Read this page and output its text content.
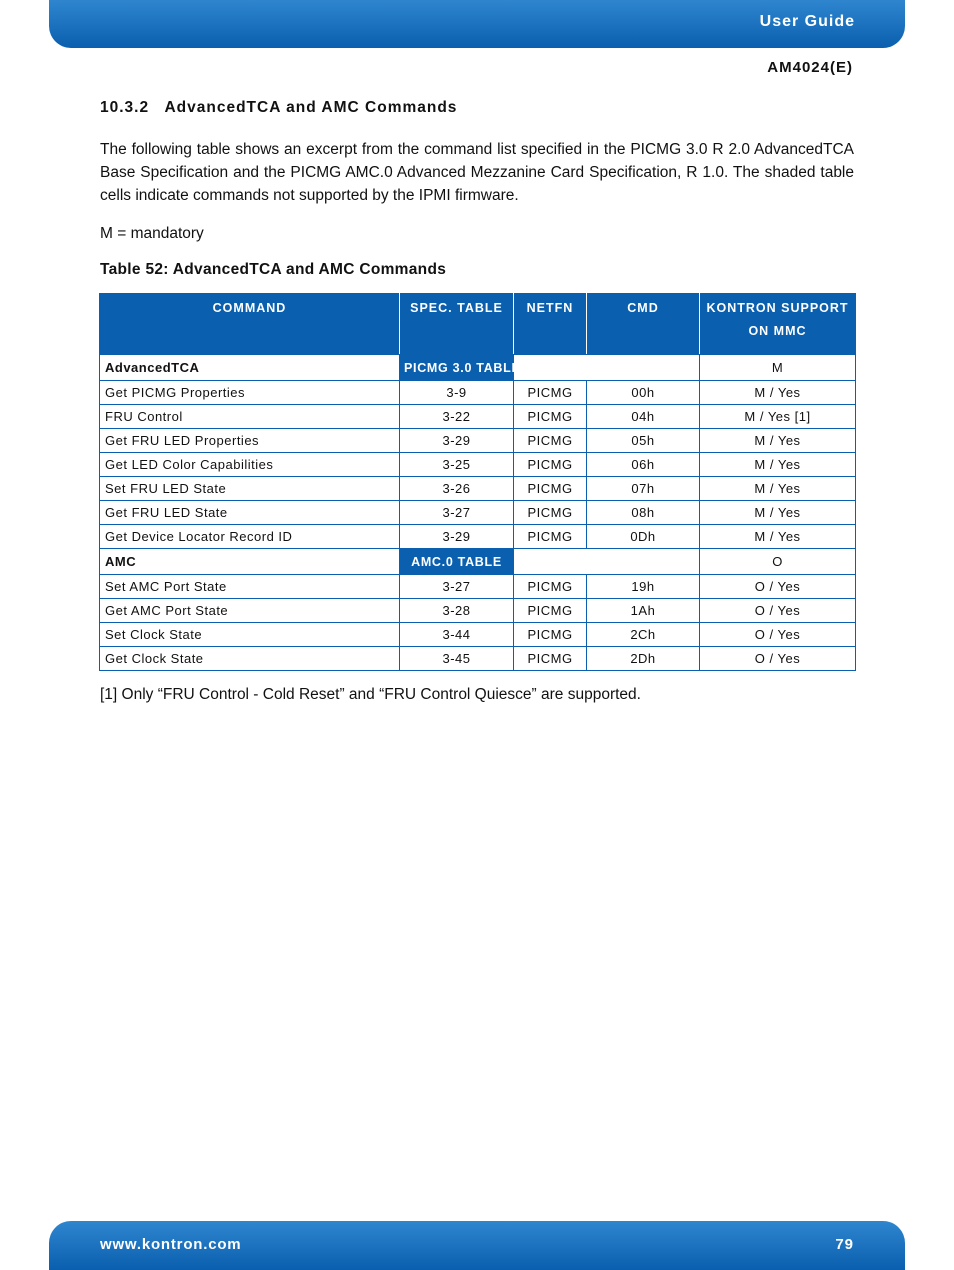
User Guide
AM4024(E)
10.3.2 AdvancedTCA and AMC Commands

The following table shows an excerpt from the command list specified in the PICMG 3.0 R 2.0 AdvancedTCA Base Specification and the PICMG AMC.0 Advanced Mezzanine Card Specification, R 1.0. The shaded table cells indicate commands not supported by the IPMI firmware.

M = mandatory

Table 52: AdvancedTCA and AMC Commands
COMMAND	SPEC. TABLE	NETFN	CMD	KONTRON SUPPORT ON MMC
AdvancedTCA	PICMG 3.0 TABLE			M
Get PICMG Properties	3-9	PICMG	00h	M / Yes
FRU Control	3-22	PICMG	04h	M / Yes [1]
Get FRU LED Properties	3-29	PICMG	05h	M / Yes
Get LED Color Capabilities	3-25	PICMG	06h	M / Yes
Set FRU LED State	3-26	PICMG	07h	M / Yes
Get FRU LED State	3-27	PICMG	08h	M / Yes
Get Device Locator Record ID	3-29	PICMG	0Dh	M / Yes
AMC	AMC.0 TABLE			O
Set AMC Port State	3-27	PICMG	19h	O / Yes
Get AMC Port State	3-28	PICMG	1Ah	O / Yes
Set Clock State	3-44	PICMG	2Ch	O / Yes
Get Clock State	3-45	PICMG	2Dh	O / Yes

[1] Only “FRU Control - Cold Reset” and “FRU Control Quiesce” are supported.

www.kontron.com	79
